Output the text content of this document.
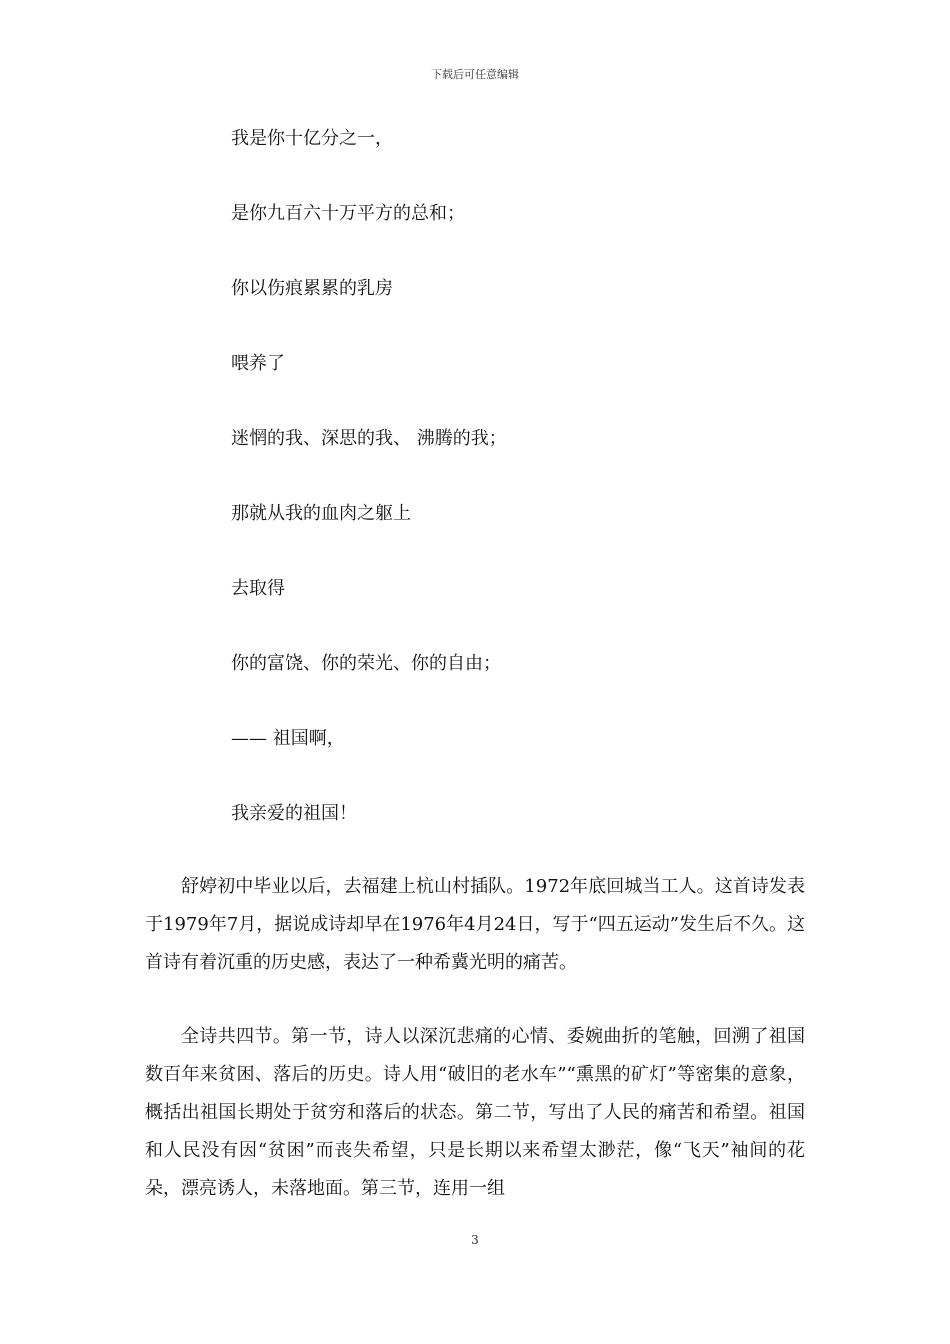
下载后可任意编辑
我是你十亿分之一，
是你九百六十万平方的总和；
你以伤痕累累的乳房
喂养了
迷惘的我、深思的我、 沸腾的我；
那就从我的血肉之躯上
去取得
你的富饶、你的荣光、你的自由；
—— 祖国啊，
我亲爱的祖国！

舒婷初中毕业以后，去福建上杭山村插队。1972年底回城当工人。这首诗发表于1979年7月，据说成诗却早在1976年4月24日，写于“四五运动”发生后不久。这首诗有着沉重的历史感，表达了一种希冀光明的痛苦。

全诗共四节。第一节，诗人以深沉悲痛的心情、委婉曲折的笔触，回溯了祖国数百年来贫困、落后的历史。诗人用“破旧的老水车”“熏黑的矿灯”等密集的意象，概括出祖国长期处于贫穷和落后的状态。第二节，写出了人民的痛苦和希望。祖国和人民没有因“贫困”而丧失希望，只是长期以来希望太渺茫，像“飞天”袖间的花朵，漂亮诱人，未落地面。第三节，连用一组

3
